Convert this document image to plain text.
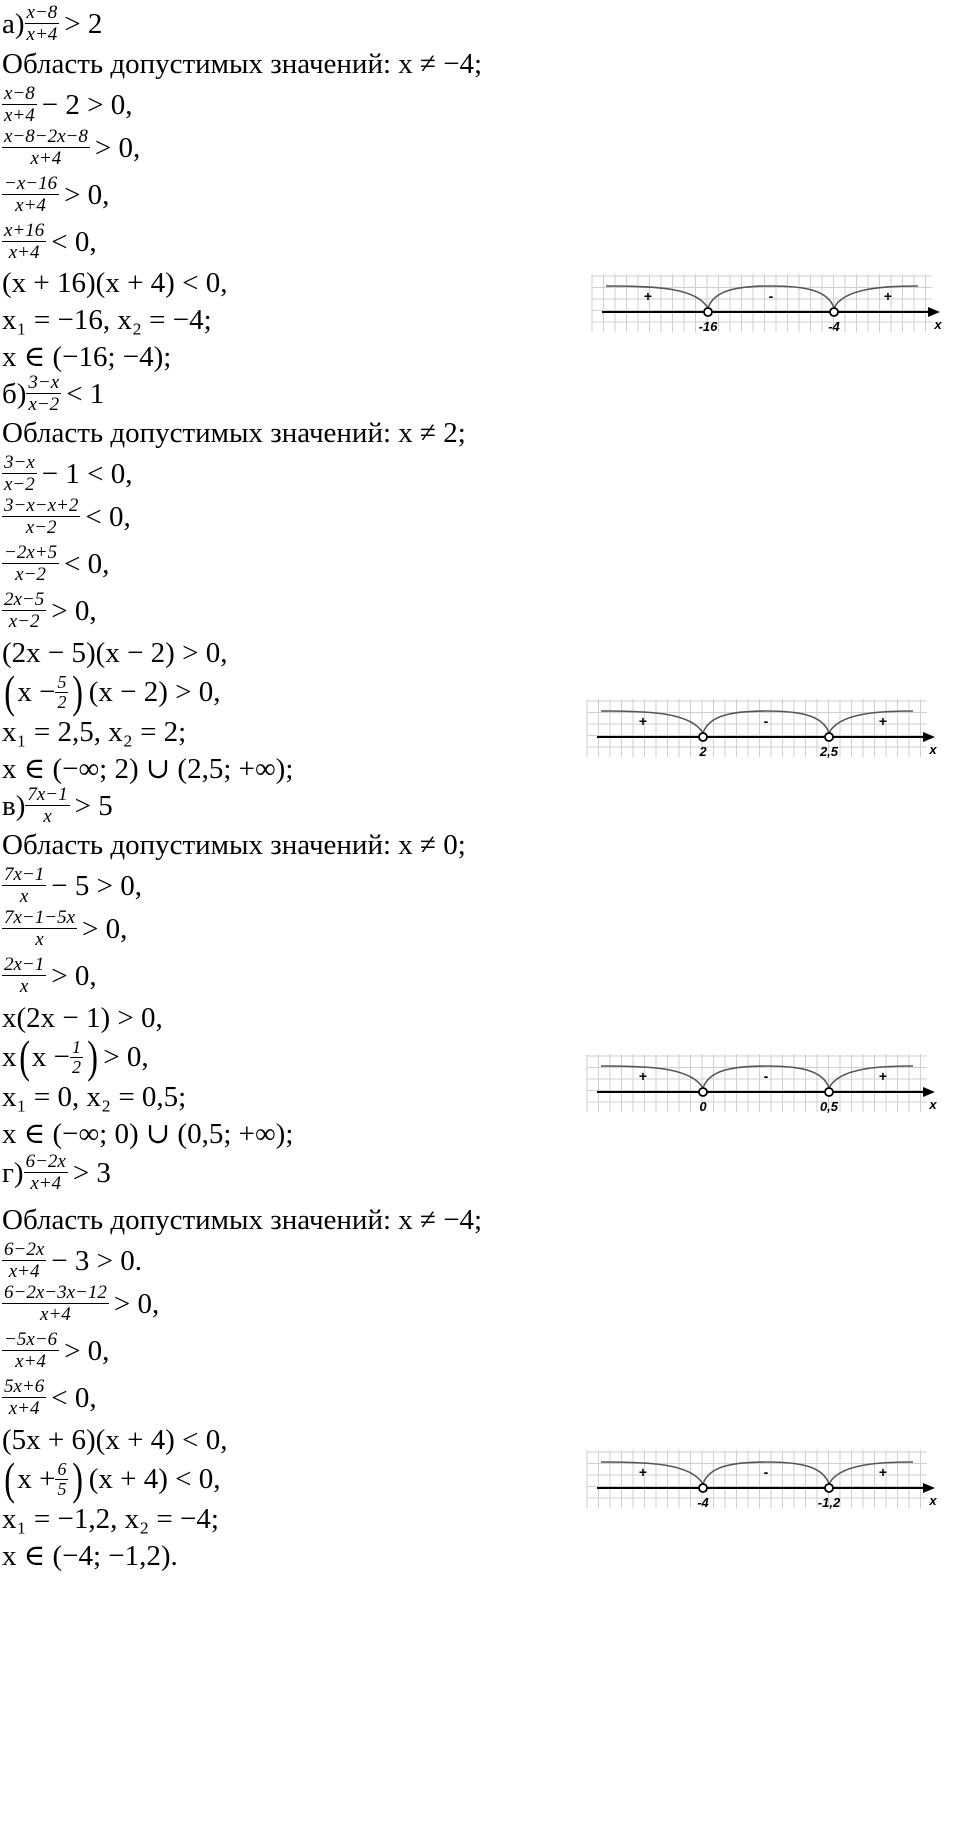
$а) \frac{x-8}{x+4} > 2$
Область допустимых значений: x ≠ −4;
$\frac{x-8}{x+4} - 2 > 0$,
$\frac{x-8-2x-8}{x+4} > 0$,
$\frac{-x-16}{x+4} > 0$,
$\frac{x+16}{x+4} < 0$,
(x + 16)(x + 4) < 0,
x₁ = −16, x₂ = −4;
x ∈ (−16; −4);
$б) \frac{3-x}{x-2} < 1$
Область допустимых значений: x ≠ 2;
$\frac{3-x}{x-2} - 1 < 0$,
$\frac{3-x-x+2}{x-2} < 0$,
$\frac{-2x+5}{x-2} < 0$,
$\frac{2x-5}{x-2} > 0$,
(2x − 5)(x − 2) > 0,
( $x - \frac{5}{2}$ ) (x − 2) > 0,
x₁ = 2,5, x₂ = 2;
x ∈ (−∞; 2) ∪ (2,5; +∞);
$в) \frac{7x-1}{x} > 5$
Область допустимых значений: x ≠ 0;
$\frac{7x-1}{x} - 5 > 0$,
$\frac{7x-1-5x}{x} > 0$,
$\frac{2x-1}{x} > 0$,
x(2x − 1) > 0,
x ( $x - \frac{1}{2}$ ) > 0,
x₁ = 0, x₂ = 0,5;
x ∈ (−∞; 0) ∪ (0,5; +∞);
$г) \frac{6-2x}{x+4} > 3$
Область допустимых значений: x ≠ −4;
$\frac{6-2x}{x+4} - 3 > 0$.
$\frac{6-2x-3x-12}{x+4} > 0$,
$\frac{-5x-6}{x+4} > 0$,
$\frac{5x+6}{x+4} < 0$,
(5x + 6)(x + 4) < 0,
( $x + \frac{6}{5}$ ) (x + 4) < 0,
x₁ = −1,2, x₂ = −4;
x ∈ (−4; −1,2).
+	-	+
-16	-4	x
+	-	+
2	2,5	x
+	-	+
0	0,5	x
+	-	+
-4	-1,2	x
